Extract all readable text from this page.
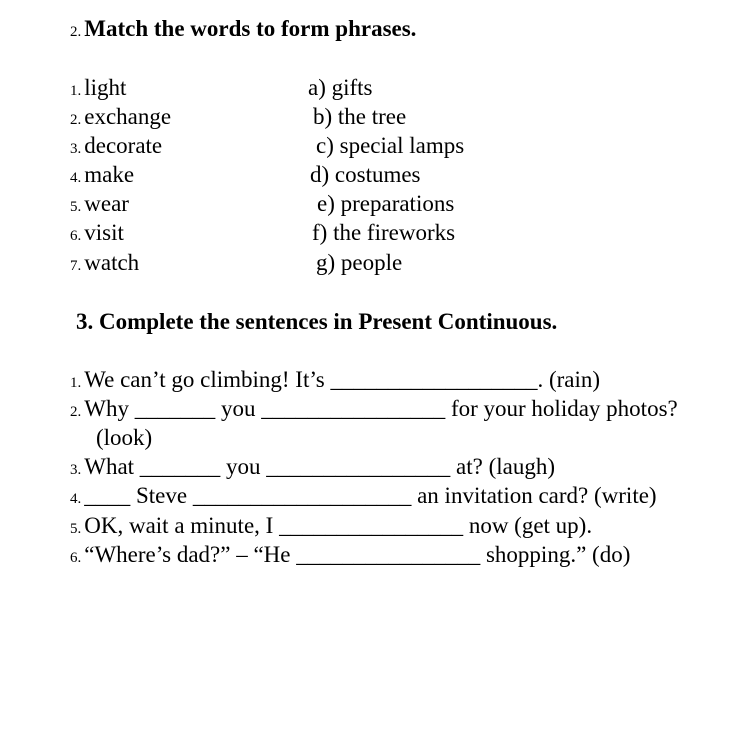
2. Match the words to form phrases.
1. light
2. exchange
3. decorate
4. make
5. wear
6. visit
7. watch
a) gifts
b) the tree
c) special lamps
d) costumes
e) preparations
f) the fireworks
g) people
3. Complete the sentences in Present Continuous.
1. We can’t go climbing! It’s __________________. (rain)
2. Why _______ you ________________ for your holiday photos?
(look)
3. What _______ you ________________ at? (laugh)
4. ____ Steve ___________________ an invitation card? (write)
5. OK, wait a minute, I ________________ now (get up).
6. “Where’s dad?” – “He ________________ shopping.” (do)
